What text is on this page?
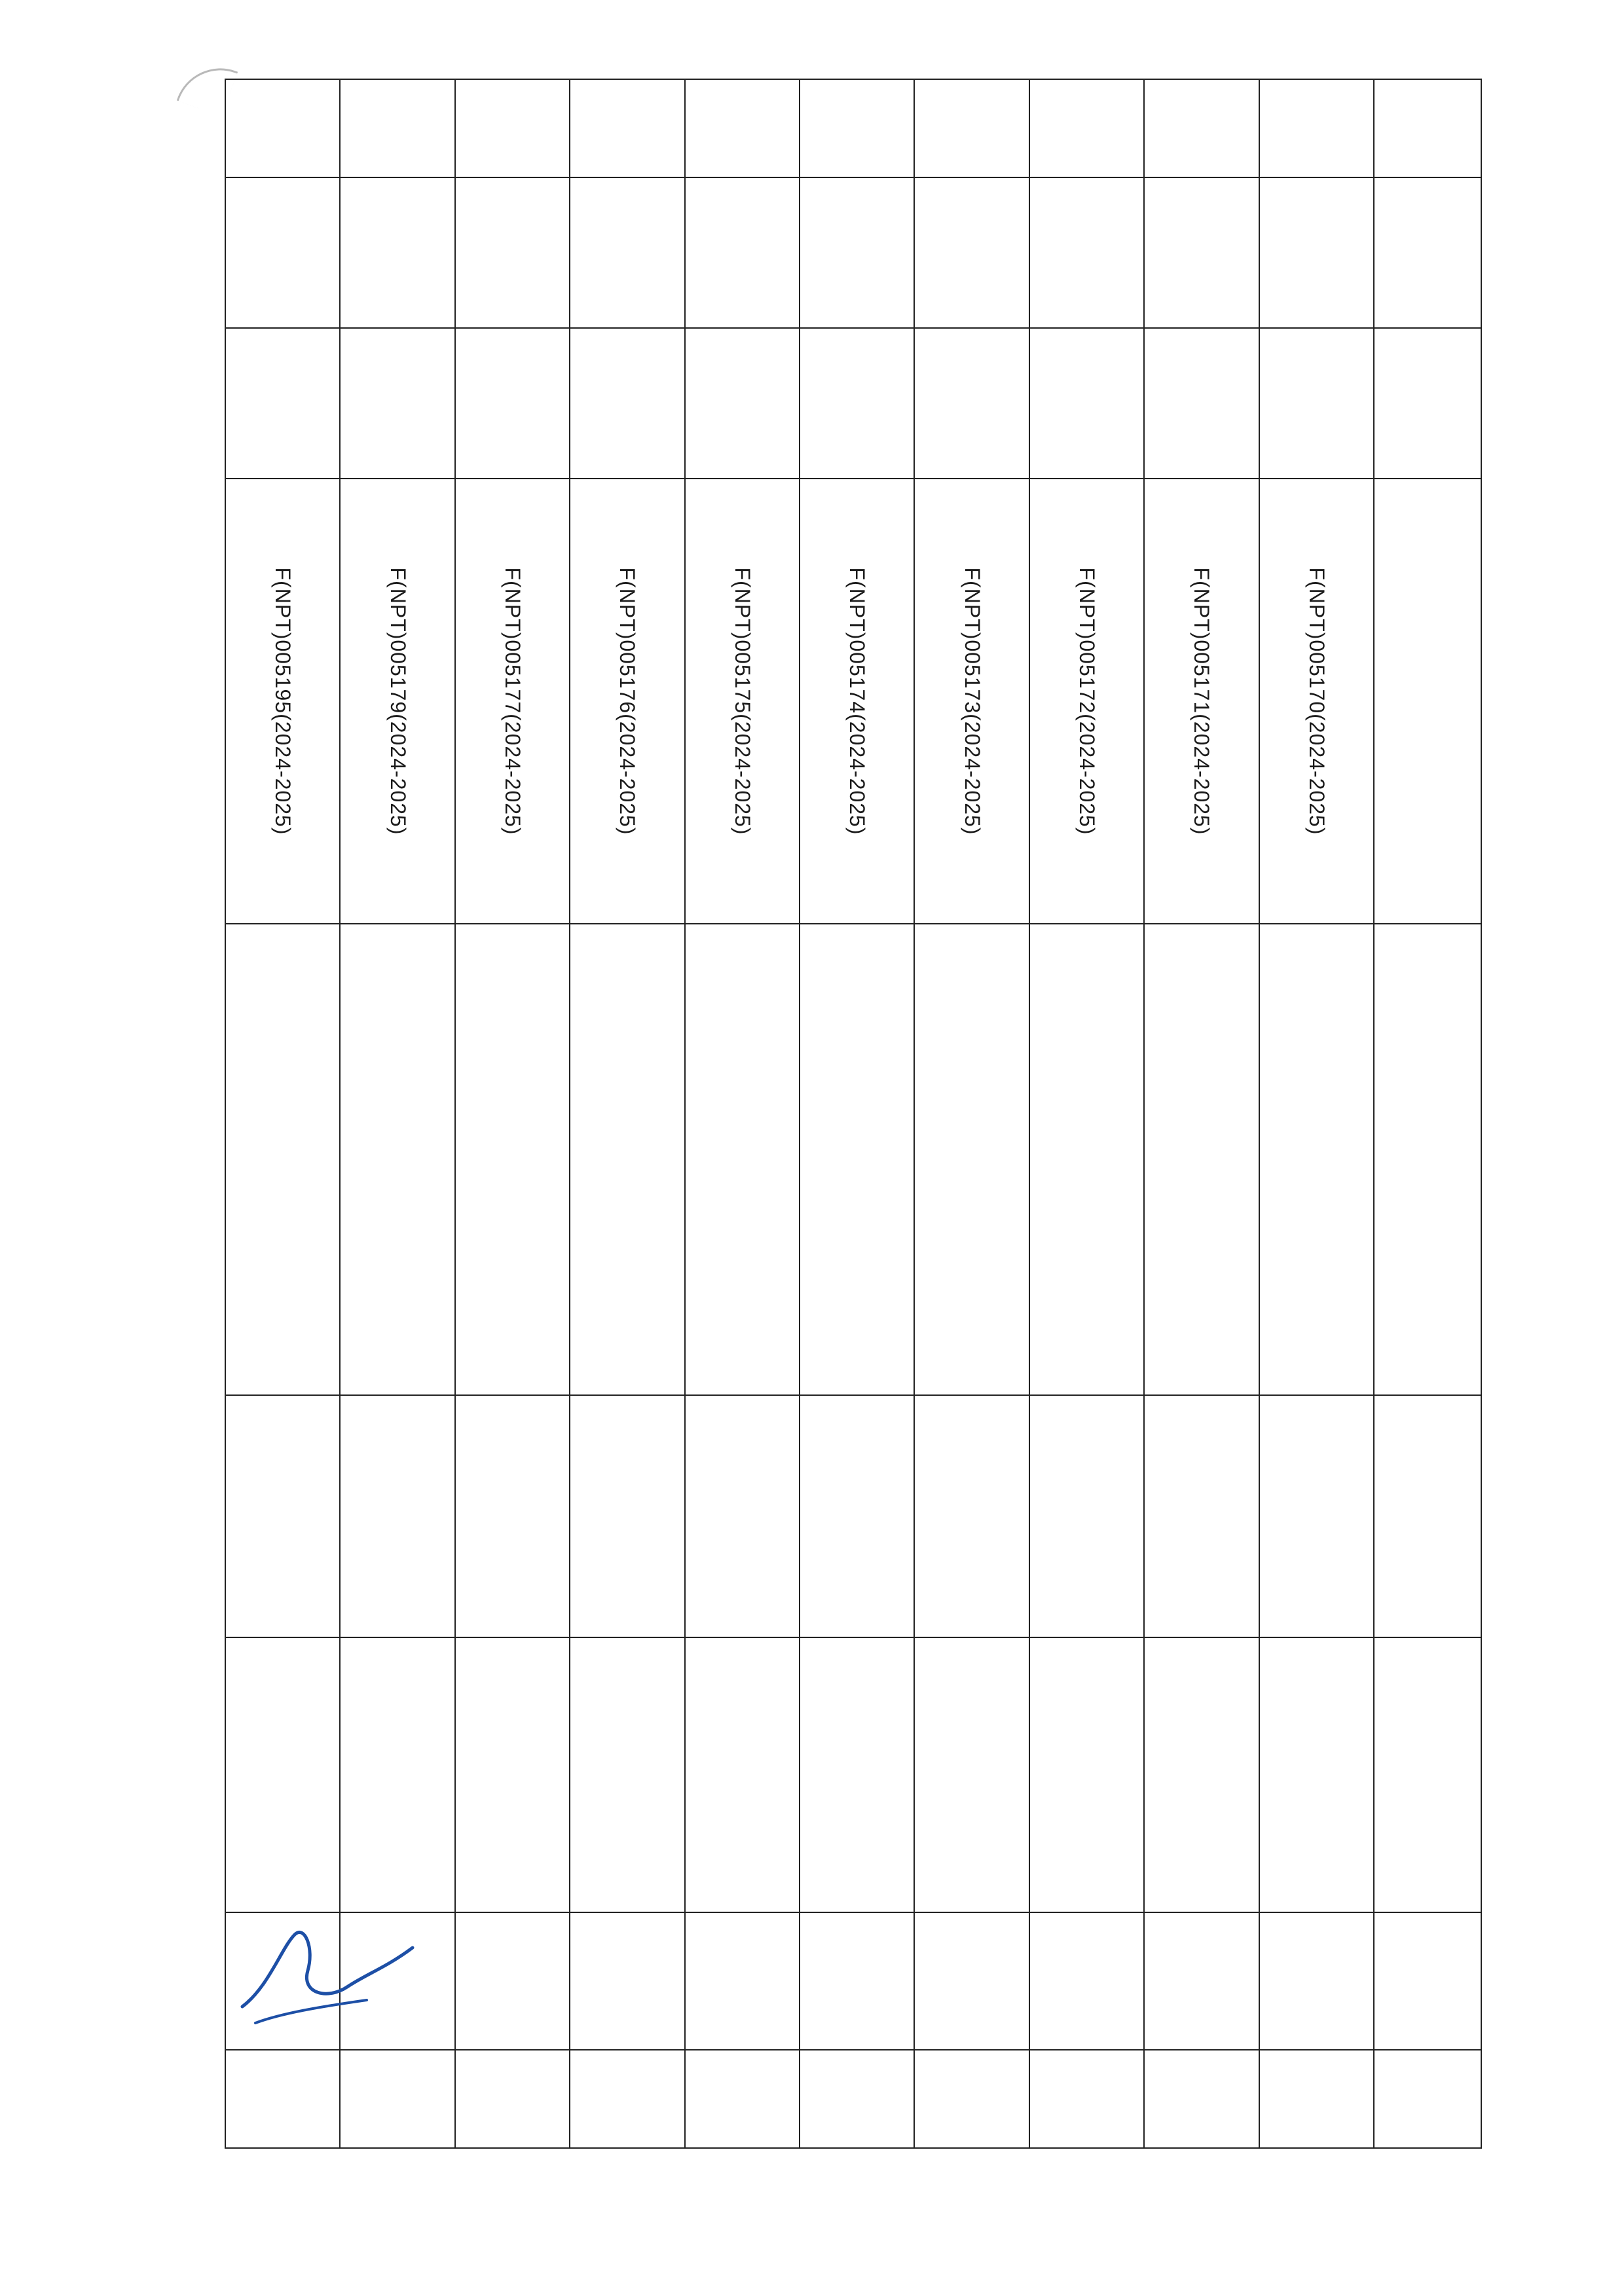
			F(NPT)005170(2024-2025)					
			F(NPT)005171(2024-2025)					
			F(NPT)005172(2024-2025)					
			F(NPT)005173(2024-2025)					
			F(NPT)005174(2024-2025)					
			F(NPT)005175(2024-2025)					
			F(NPT)005176(2024-2025)					
			F(NPT)005177(2024-2025)					
			F(NPT)005179(2024-2025)					
			F(NPT)005195(2024-2025)					
